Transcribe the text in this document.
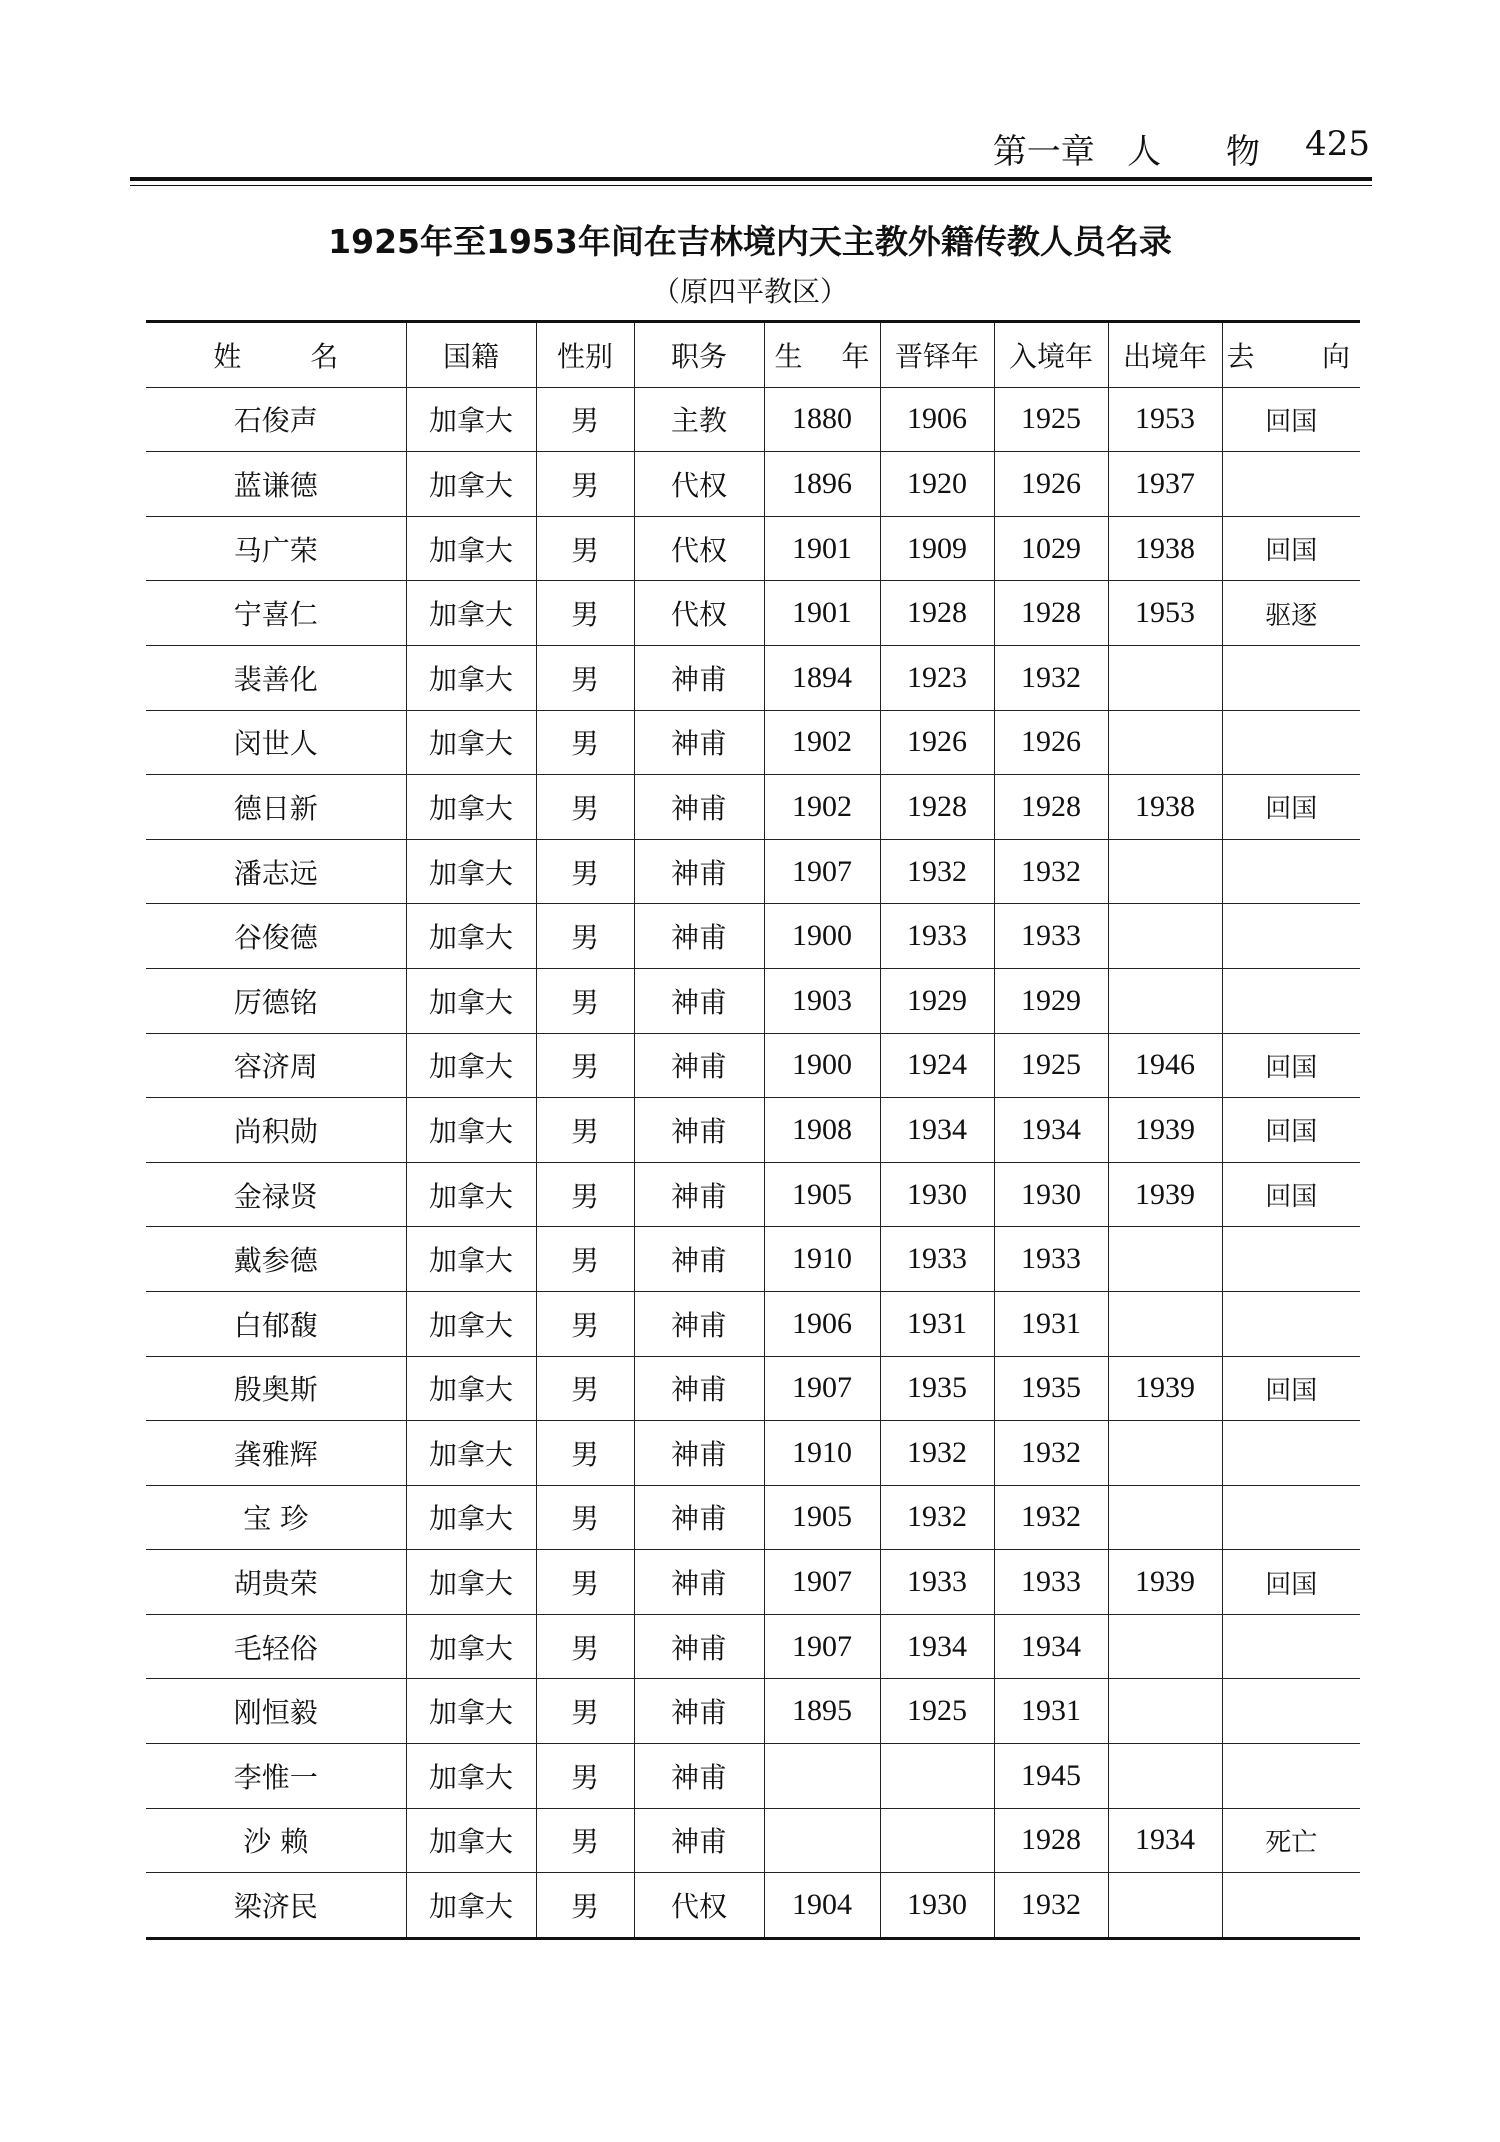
第一章   人      物 425
1925年至1953年间在吉林境内天主教外籍传教人员名录
（原四平教区）
姓 名	国籍	性别	职务	生 年	晋铎年	入境年	出境年	去 向
石俊声	加拿大	男	主教	1880	1906	1925	1953	回国
蓝谦德	加拿大	男	代权	1896	1920	1926	1937	
马广荣	加拿大	男	代权	1901	1909	1029	1938	回国
宁喜仁	加拿大	男	代权	1901	1928	1928	1953	驱逐
裴善化	加拿大	男	神甫	1894	1923	1932		
闵世人	加拿大	男	神甫	1902	1926	1926		
德日新	加拿大	男	神甫	1902	1928	1928	1938	回国
潘志远	加拿大	男	神甫	1907	1932	1932		
谷俊德	加拿大	男	神甫	1900	1933	1933		
厉德铭	加拿大	男	神甫	1903	1929	1929		
容济周	加拿大	男	神甫	1900	1924	1925	1946	回国
尚积勋	加拿大	男	神甫	1908	1934	1934	1939	回国
金禄贤	加拿大	男	神甫	1905	1930	1930	1939	回国
戴参德	加拿大	男	神甫	1910	1933	1933		
白郁馥	加拿大	男	神甫	1906	1931	1931		
殷奥斯	加拿大	男	神甫	1907	1935	1935	1939	回国
龚雅辉	加拿大	男	神甫	1910	1932	1932		
宝 珍	加拿大	男	神甫	1905	1932	1932		
胡贵荣	加拿大	男	神甫	1907	1933	1933	1939	回国
毛轻俗	加拿大	男	神甫	1907	1934	1934		
刚恒毅	加拿大	男	神甫	1895	1925	1931		
李惟一	加拿大	男	神甫			1945		
沙 赖	加拿大	男	神甫			1928	1934	死亡
梁济民	加拿大	男	代权	1904	1930	1932		
